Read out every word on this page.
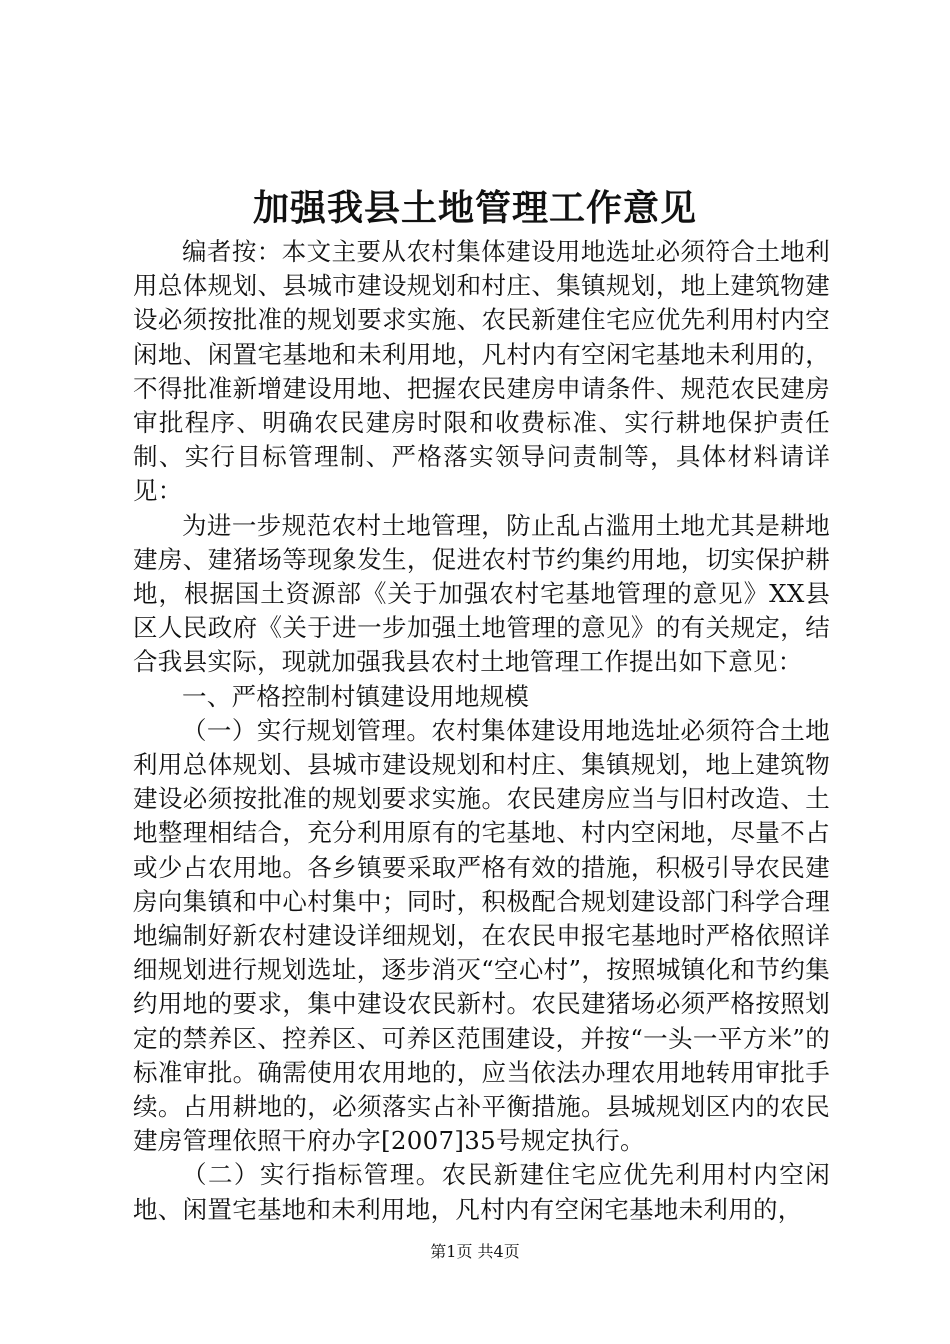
加强我县土地管理工作意见

编者按：本文主要从农村集体建设用地选址必须符合土地利用总体规划、县城市建设规划和村庄、集镇规划，地上建筑物建设必须按批准的规划要求实施、农民新建住宅应优先利用村内空闲地、闲置宅基地和未利用地，凡村内有空闲宅基地未利用的，不得批准新增建设用地、把握农民建房申请条件、规范农民建房审批程序、明确农民建房时限和收费标准、实行耕地保护责任制、实行目标管理制、严格落实领导问责制等，具体材料请详见：

为进一步规范农村土地管理，防止乱占滥用土地尤其是耕地建房、建猪场等现象发生，促进农村节约集约用地，切实保护耕地，根据国土资源部《关于加强农村宅基地管理的意见》XX县区人民政府《关于进一步加强土地管理的意见》的有关规定，结合我县实际，现就加强我县农村土地管理工作提出如下意见：

一、严格控制村镇建设用地规模

（一）实行规划管理。农村集体建设用地选址必须符合土地利用总体规划、县城市建设规划和村庄、集镇规划，地上建筑物建设必须按批准的规划要求实施。农民建房应当与旧村改造、土地整理相结合，充分利用原有的宅基地、村内空闲地，尽量不占或少占农用地。各乡镇要采取严格有效的措施，积极引导农民建房向集镇和中心村集中；同时，积极配合规划建设部门科学合理地编制好新农村建设详细规划，在农民申报宅基地时严格依照详细规划进行规划选址，逐步消灭“空心村”，按照城镇化和节约集约用地的要求，集中建设农民新村。农民建猪场必须严格按照划定的禁养区、控养区、可养区范围建设，并按“一头一平方米”的标准审批。确需使用农用地的，应当依法办理农用地转用审批手续。占用耕地的，必须落实占补平衡措施。县城规划区内的农民建房管理依照干府办字[2007]35号规定执行。

（二）实行指标管理。农民新建住宅应优先利用村内空闲地、闲置宅基地和未利用地，凡村内有空闲宅基地未利用的，

第1页 共4页
